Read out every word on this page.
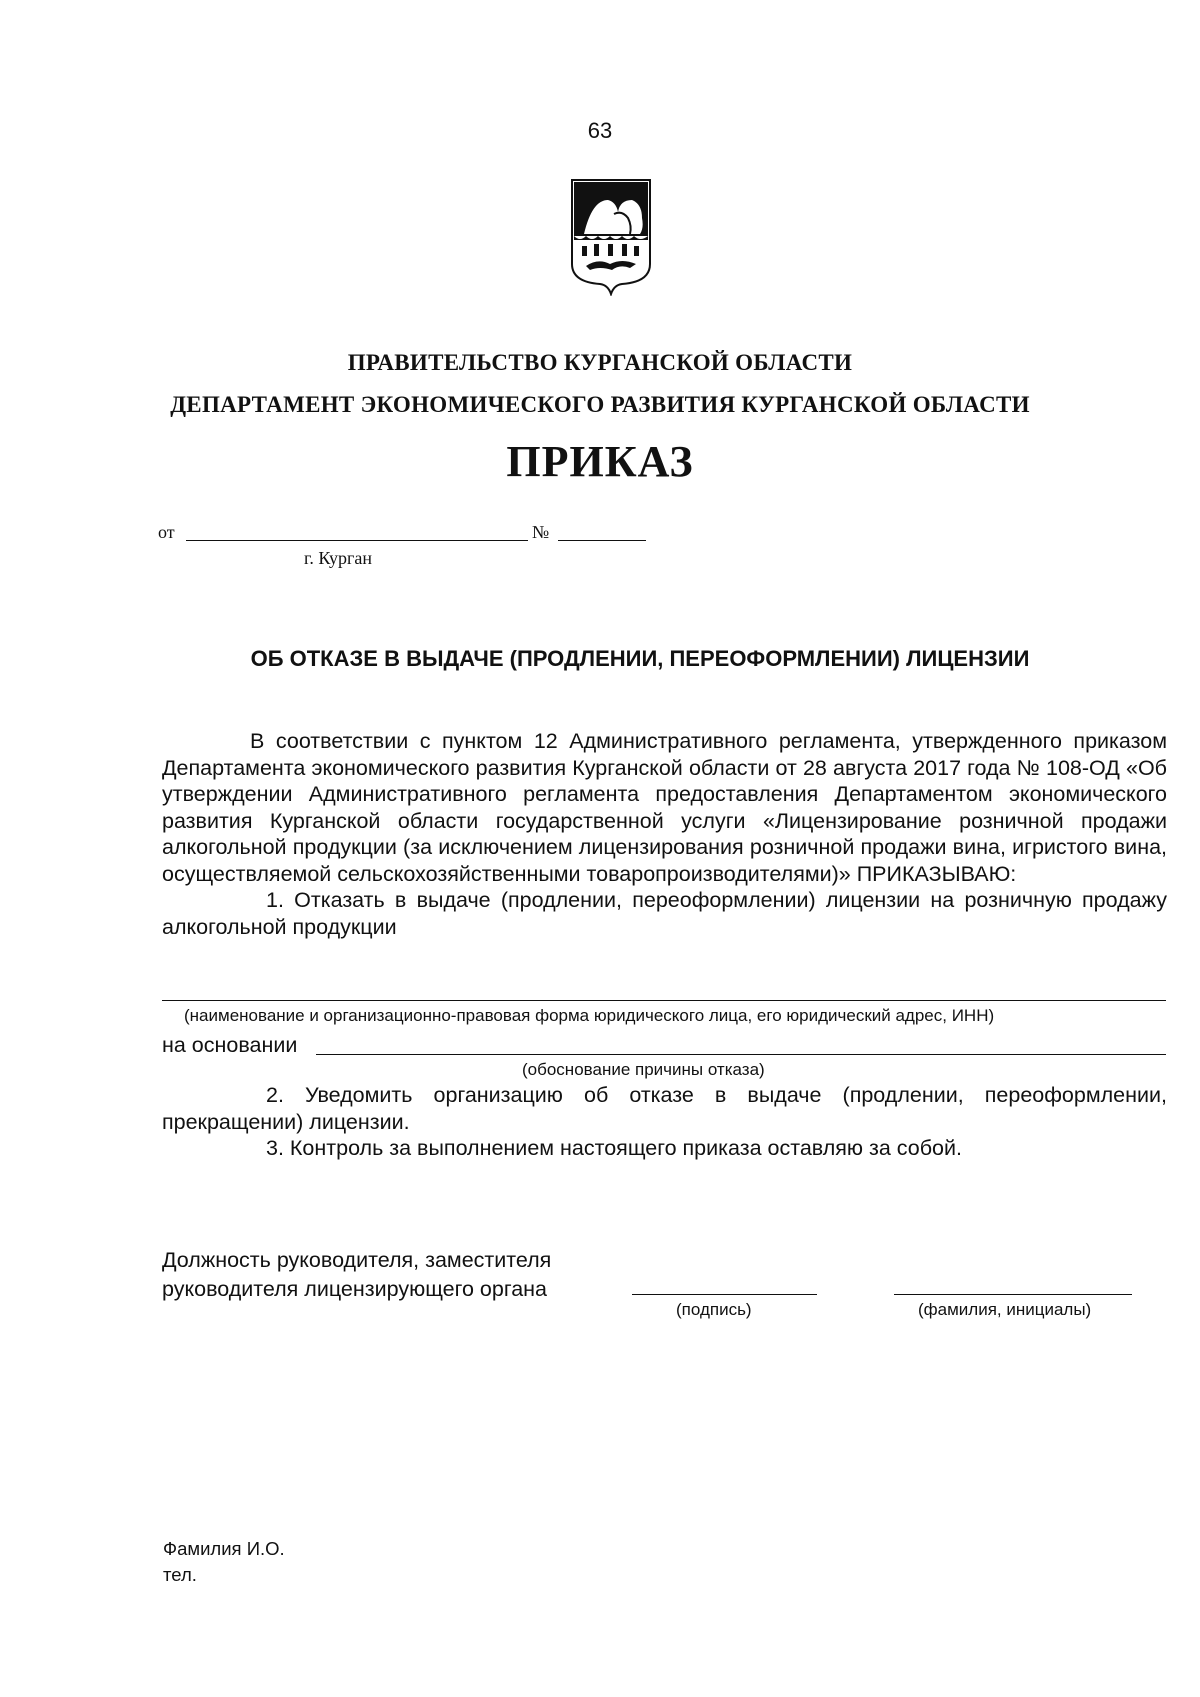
63
ПРАВИТЕЛЬСТВО КУРГАНСКОЙ ОБЛАСТИ
ДЕПАРТАМЕНТ ЭКОНОМИЧЕСКОГО РАЗВИТИЯ КУРГАНСКОЙ ОБЛАСТИ
ПРИКАЗ
от	№
г. Курган
ОБ ОТКАЗЕ В ВЫДАЧЕ (ПРОДЛЕНИИ, ПЕРЕОФОРМЛЕНИИ) ЛИЦЕНЗИИ

В соответствии с пунктом 12 Административного регламента, утвержденного приказом Департамента экономического развития Курганской области от 28 августа 2017 года № 108-ОД «Об утверждении Административного регламента предоставления Департаментом экономического развития Курганской области государственной услуги «Лицензирование розничной продажи алкогольной продукции (за исключением лицензирования розничной продажи вина, игристого вина, осуществляемой сельскохозяйственными товаропроизводителями)» ПРИКАЗЫВАЮ:

1. Отказать в выдаче (продлении, переоформлении) лицензии на розничную продажу алкогольной продукции

(наименование и организационно-правовая форма юридического лица, его юридический адрес, ИНН)
на основании
(обоснование причины отказа)

2. Уведомить организацию об отказе в выдаче (продлении, переоформлении, прекращении) лицензии.

3. Контроль за выполнением настоящего приказа оставляю за собой.

Должность руководителя, заместителя
руководителя лицензирующего органа
(подпись)	(фамилия, инициалы)
Фамилия И.О.
тел.
